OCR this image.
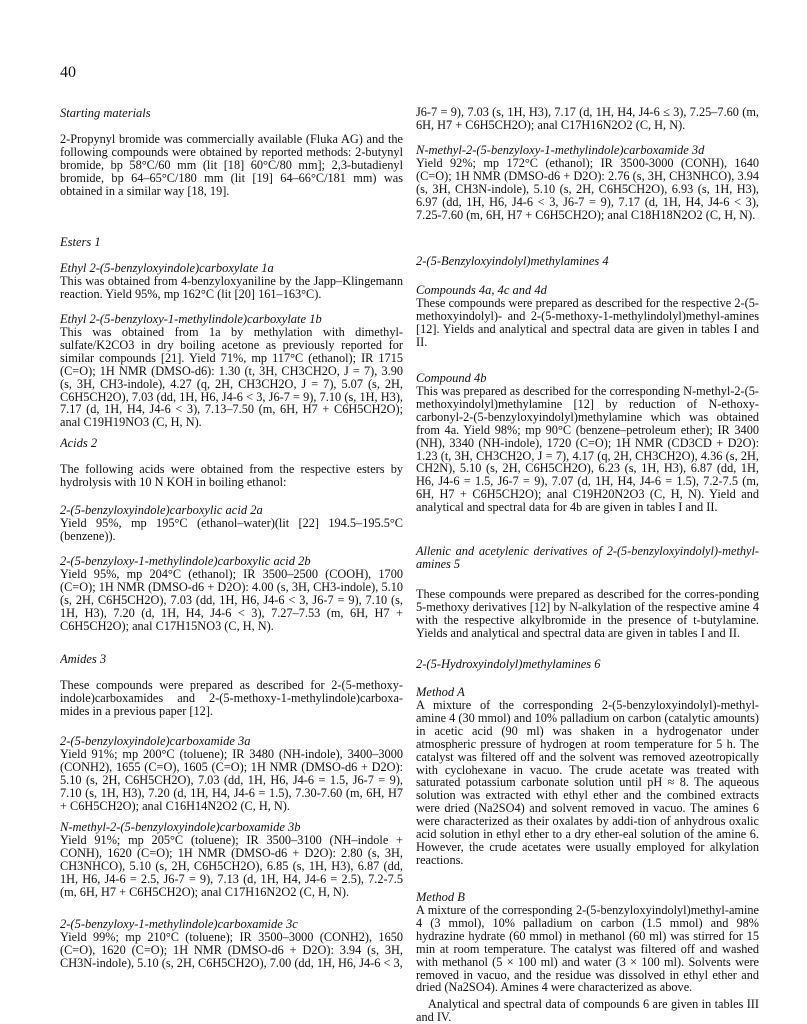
40
Starting materials

2-Propynyl bromide was commercially available (Fluka AG) and the following compounds were obtained by reported methods: 2-butynyl bromide, bp 58°C/60 mm (lit [18] 60°C/80 mm]; 2,3-butadienyl bromide, bp 64–65°C/180 mm (lit [19] 64–66°C/181 mm) was obtained in a similar way [18, 19].

Esters 1
Ethyl 2-(5-benzyloxyindole)carboxylate 1a

This was obtained from 4-benzyloxyaniline by the Japp–Klingemann reaction. Yield 95%, mp 162°C (lit [20] 161–163°C).

Ethyl 2-(5-benzyloxy-1-methylindole)carboxylate 1b

This was obtained from 1a by methylation with dimethyl-sulfate/K2CO3 in dry boiling acetone as previously reported for similar compounds [21]. Yield 71%, mp 117°C (ethanol); IR 1715 (C=O); 1H NMR (DMSO-d6): 1.30 (t, 3H, CH3CH2O, J = 7), 3.90 (s, 3H, CH3-indole), 4.27 (q, 2H, CH3CH2O, J = 7), 5.07 (s, 2H, C6H5CH2O), 7.03 (dd, 1H, H6, J4-6 < 3, J6-7 = 9), 7.10 (s, 1H, H3), 7.17 (d, 1H, H4, J4-6 < 3), 7.13–7.50 (m, 6H, H7 + C6H5CH2O); anal C19H19NO3 (C, H, N).

Acids 2

The following acids were obtained from the respective esters by hydrolysis with 10 N KOH in boiling ethanol:

2-(5-benzyloxyindole)carboxylic acid 2a

Yield 95%, mp 195°C (ethanol–water)(lit [22] 194.5–195.5°C (benzene)).

2-(5-benzyloxy-1-methylindole)carboxylic acid 2b

Yield 95%, mp 204°C (ethanol); IR 3500–2500 (COOH), 1700 (C=O); 1H NMR (DMSO-d6 + D2O): 4.00 (s, 3H, CH3-indole), 5.10 (s, 2H, C6H5CH2O), 7.03 (dd, 1H, H6, J4-6 < 3, J6-7 = 9), 7.10 (s, 1H, H3), 7.20 (d, 1H, H4, J4-6 < 3), 7.27–7.53 (m, 6H, H7 + C6H5CH2O); anal C17H15NO3 (C, H, N).

Amides 3

These compounds were prepared as described for 2-(5-methoxy-indole)carboxamides and 2-(5-methoxy-1-methylindole)carboxa-mides in a previous paper [12].

2-(5-benzyloxyindole)carboxamide 3a

Yield 91%; mp 200°C (toluene); IR 3480 (NH-indole), 3400–3000 (CONH2), 1655 (C=O), 1605 (C=O); 1H NMR (DMSO-d6 + D2O): 5.10 (s, 2H, C6H5CH2O), 7.03 (dd, 1H, H6, J4-6 = 1.5, J6-7 = 9), 7.10 (s, 1H, H3), 7.20 (d, 1H, H4, J4-6 = 1.5), 7.30-7.60 (m, 6H, H7 + C6H5CH2O); anal C16H14N2O2 (C, H, N).

N-methyl-2-(5-benzyloxyindole)carboxamide 3b

Yield 91%; mp 205°C (toluene); IR 3500–3100 (NH–indole + CONH), 1620 (C=O); 1H NMR (DMSO-d6 + D2O): 2.80 (s, 3H, CH3NHCO), 5.10 (s, 2H, C6H5CH2O), 6.85 (s, 1H, H3), 6.87 (dd, 1H, H6, J4-6 = 2.5, J6-7 = 9), 7.13 (d, 1H, H4, J4-6 = 2.5), 7.2-7.5 (m, 6H, H7 + C6H5CH2O); anal C17H16N2O2 (C, H, N).

2-(5-benzyloxy-1-methylindole)carboxamide 3c

Yield 99%; mp 210°C (toluene); IR 3500–3000 (CONH2), 1650 (C=O), 1620 (C=O); 1H NMR (DMSO-d6 + D2O): 3.94 (s, 3H, CH3N-indole), 5.10 (s, 2H, C6H5CH2O), 7.00 (dd, 1H, H6, J4-6 < 3,

J6-7 = 9), 7.03 (s, 1H, H3), 7.17 (d, 1H, H4, J4-6 ≤ 3), 7.25–7.60 (m, 6H, H7 + C6H5CH2O); anal C17H16N2O2 (C, H, N).

N-methyl-2-(5-benzyloxy-1-methylindole)carboxamide 3d

Yield 92%; mp 172°C (ethanol); IR 3500-3000 (CONH), 1640 (C=O); 1H NMR (DMSO-d6 + D2O): 2.76 (s, 3H, CH3NHCO), 3.94 (s, 3H, CH3N-indole), 5.10 (s, 2H, C6H5CH2O), 6.93 (s, 1H, H3), 6.97 (dd, 1H, H6, J4-6 < 3, J6-7 = 9), 7.17 (d, 1H, H4, J4-6 < 3), 7.25-7.60 (m, 6H, H7 + C6H5CH2O); anal C18H18N2O2 (C, H, N).

2-(5-Benzyloxyindolyl)methylamines 4
Compounds 4a, 4c and 4d

These compounds were prepared as described for the respective 2-(5-methoxyindolyl)- and 2-(5-methoxy-1-methylindolyl)methyl-amines [12]. Yields and analytical and spectral data are given in tables I and II.

Compound 4b

This was prepared as described for the corresponding N-methyl-2-(5-methoxyindolyl)methylamine [12] by reduction of N-ethoxy-carbonyl-2-(5-benzyloxyindolyl)methylamine which was obtained from 4a. Yield 98%; mp 90°C (benzene–petroleum ether); IR 3400 (NH), 3340 (NH-indole), 1720 (C=O); 1H NMR (CD3CD + D2O): 1.23 (t, 3H, CH3CH2O, J = 7), 4.17 (q, 2H, CH3CH2O), 4.36 (s, 2H, CH2N), 5.10 (s, 2H, C6H5CH2O), 6.23 (s, 1H, H3), 6.87 (dd, 1H, H6, J4-6 = 1.5, J6-7 = 9), 7.07 (d, 1H, H4, J4-6 = 1.5), 7.2-7.5 (m, 6H, H7 + C6H5CH2O); anal C19H20N2O3 (C, H, N). Yield and analytical and spectral data for 4b are given in tables I and II.

Allenic and acetylenic derivatives of 2-(5-benzyloxyindolyl)-methyl-amines 5

These compounds were prepared as described for the corres-ponding 5-methoxy derivatives [12] by N-alkylation of the respective amine 4 with the respective alkylbromide in the presence of t-butylamine. Yields and analytical and spectral data are given in tables I and II.

2-(5-Hydroxyindolyl)methylamines 6
Method A

A mixture of the corresponding 2-(5-benzyloxyindolyl)-methyl-amine 4 (30 mmol) and 10% palladium on carbon (catalytic amounts) in acetic acid (90 ml) was shaken in a hydrogenator under atmospheric pressure of hydrogen at room temperature for 5 h. The catalyst was filtered off and the solvent was removed azeotropically with cyclohexane in vacuo. The crude acetate was treated with saturated potassium carbonate solution until pH ≈ 8. The aqueous solution was extracted with ethyl ether and the combined extracts were dried (Na2SO4) and solvent removed in vacuo. The amines 6 were characterized as their oxalates by addi-tion of anhydrous oxalic acid solution in ethyl ether to a dry ether-eal solution of the amine 6. However, the crude acetates were usually employed for alkylation reactions.

Method B

A mixture of the corresponding 2-(5-benzyloxyindolyl)methyl-amine 4 (3 mmol), 10% palladium on carbon (1.5 mmol) and 98% hydrazine hydrate (60 mmol) in methanol (60 ml) was stirred for 15 min at room temperature. The catalyst was filtered off and washed with methanol (5 × 100 ml) and water (3 × 100 ml). Solvents were removed in vacuo, and the residue was dissolved in ethyl ether and dried (Na2SO4). Amines 4 were characterized as above.

Analytical and spectral data of compounds 6 are given in tables III and IV.
